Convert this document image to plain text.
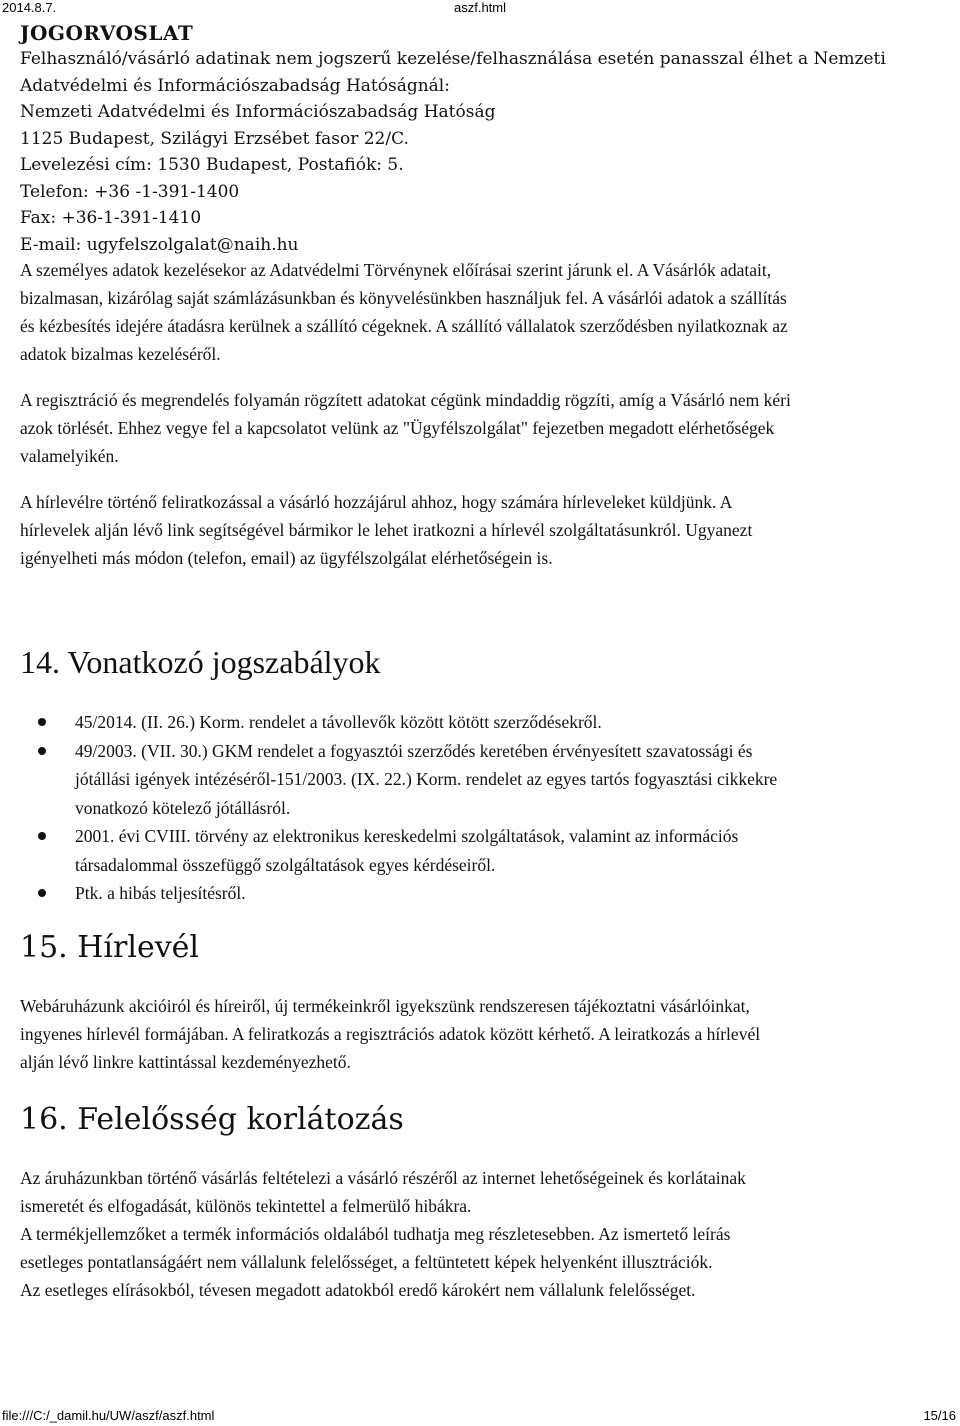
2014.8.7.	aszf.html
JOGORVOSLAT

Felhasználó/vásárló adatinak nem jogszerű kezelése/felhasználása esetén panasszal élhet a Nemzeti

Adatvédelmi és Információszabadság Hatóságnál:

Nemzeti Adatvédelmi és Információszabadság Hatóság

1125 Budapest, Szilágyi Erzsébet fasor 22/C.

Levelezési cím: 1530 Budapest, Postafiók: 5.

Telefon: +36 -1-391-1400

Fax: +36-1-391-1410

E-mail: ugyfelszolgalat@naih.hu

A személyes adatok kezelésekor az Adatvédelmi Törvénynek előírásai szerint járunk el. A Vásárlók adatait,

bizalmasan, kizárólag saját számlázásunkban és könyvelésünkben használjuk fel. A vásárlói adatok a szállítás

és kézbesítés idejére átadásra kerülnek a szállító cégeknek. A szállító vállalatok szerződésben nyilatkoznak az

adatok bizalmas kezeléséről.

A regisztráció és megrendelés folyamán rögzített adatokat cégünk mindaddig rögzíti, amíg a Vásárló nem kéri

azok törlését. Ehhez vegye fel a kapcsolatot velünk az "Ügyfélszolgálat" fejezetben megadott elérhetőségek

valamelyikén.

A hírlevélre történő feliratkozással a vásárló hozzájárul ahhoz, hogy számára hírleveleket küldjünk. A

hírlevelek alján lévő link segítségével bármikor le lehet iratkozni a hírlevél szolgáltatásunkról. Ugyanezt

igényelheti más módon (telefon, email) az ügyfélszolgálat elérhetőségein is.

14. Vonatkozó jogszabályok
45/2014. (II. 26.) Korm. rendelet a távollevők között kötött szerződésekről.
49/2003. (VII. 30.) GKM rendelet a fogyasztói szerződés keretében érvényesített szavatossági és
jótállási igények intézéséről-151/2003. (IX. 22.) Korm. rendelet az egyes tartós fogyasztási cikkekre
vonatkozó kötelező jótállásról.
2001. évi CVIII. törvény az elektronikus kereskedelmi szolgáltatások, valamint az információs
társadalommal összefüggő szolgáltatások egyes kérdéseiről.
Ptk. a hibás teljesítésről.
15. Hírlevél

Webáruházunk akcióiról és híreiről, új termékeinkről igyekszünk rendszeresen tájékoztatni vásárlóinkat,

ingyenes hírlevél formájában. A feliratkozás a regisztrációs adatok között kérhető. A leiratkozás a hírlevél

alján lévő linkre kattintással kezdeményezhető.

16. Felelősség korlátozás

Az áruházunkban történő vásárlás feltételezi a vásárló részéről az internet lehetőségeinek és korlátainak

ismeretét és elfogadását, különös tekintettel a felmerülő hibákra.

A termékjellemzőket a termék információs oldalából tudhatja meg részletesebben. Az ismertető leírás

esetleges pontatlanságáért nem vállalunk felelősséget, a feltüntetett képek helyenként illusztrációk.

Az esetleges elírásokból, tévesen megadott adatokból eredő károkért nem vállalunk felelősséget.

file:///C:/_damil.hu/UW/aszf/aszf.html	15/16
